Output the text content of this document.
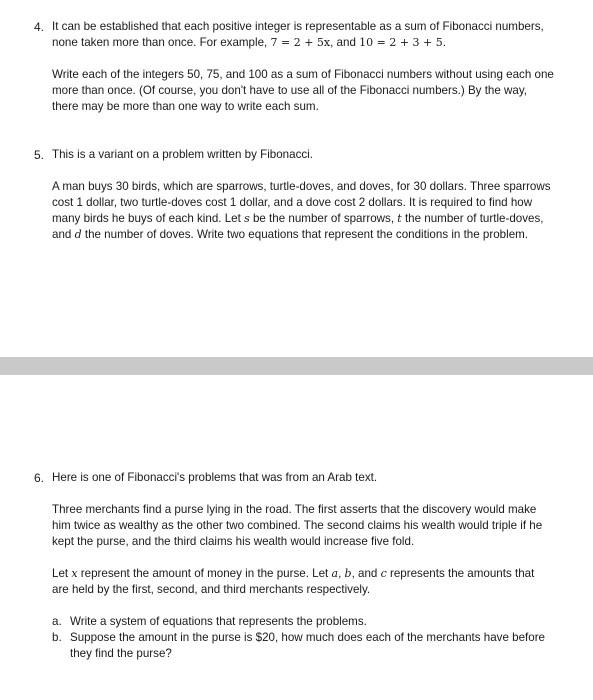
4. It can be established that each positive integer is representable as a sum of Fibonacci numbers, none taken more than once. For example, 7 = 2 + 5x, and 10 = 2 + 3 + 5.

Write each of the integers 50, 75, and 100 as a sum of Fibonacci numbers without using each one more than once. (Of course, you don't have to use all of the Fibonacci numbers.) By the way, there may be more than one way to write each sum.

5. This is a variant on a problem written by Fibonacci.

A man buys 30 birds, which are sparrows, turtle-doves, and doves, for 30 dollars. Three sparrows cost 1 dollar, two turtle-doves cost 1 dollar, and a dove cost 2 dollars. It is required to find how many birds he buys of each kind. Let s be the number of sparrows, t the number of turtle-doves, and d the number of doves. Write two equations that represent the conditions in the problem.

6. Here is one of Fibonacci's problems that was from an Arab text.

Three merchants find a purse lying in the road. The first asserts that the discovery would make him twice as wealthy as the other two combined. The second claims his wealth would triple if he kept the purse, and the third claims his wealth would increase five fold.

Let x represent the amount of money in the purse. Let a, b, and c represents the amounts that are held by the first, second, and third merchants respectively.

a. Write a system of equations that represents the problems.

b. Suppose the amount in the purse is $20, how much does each of the merchants have before they find the purse?
